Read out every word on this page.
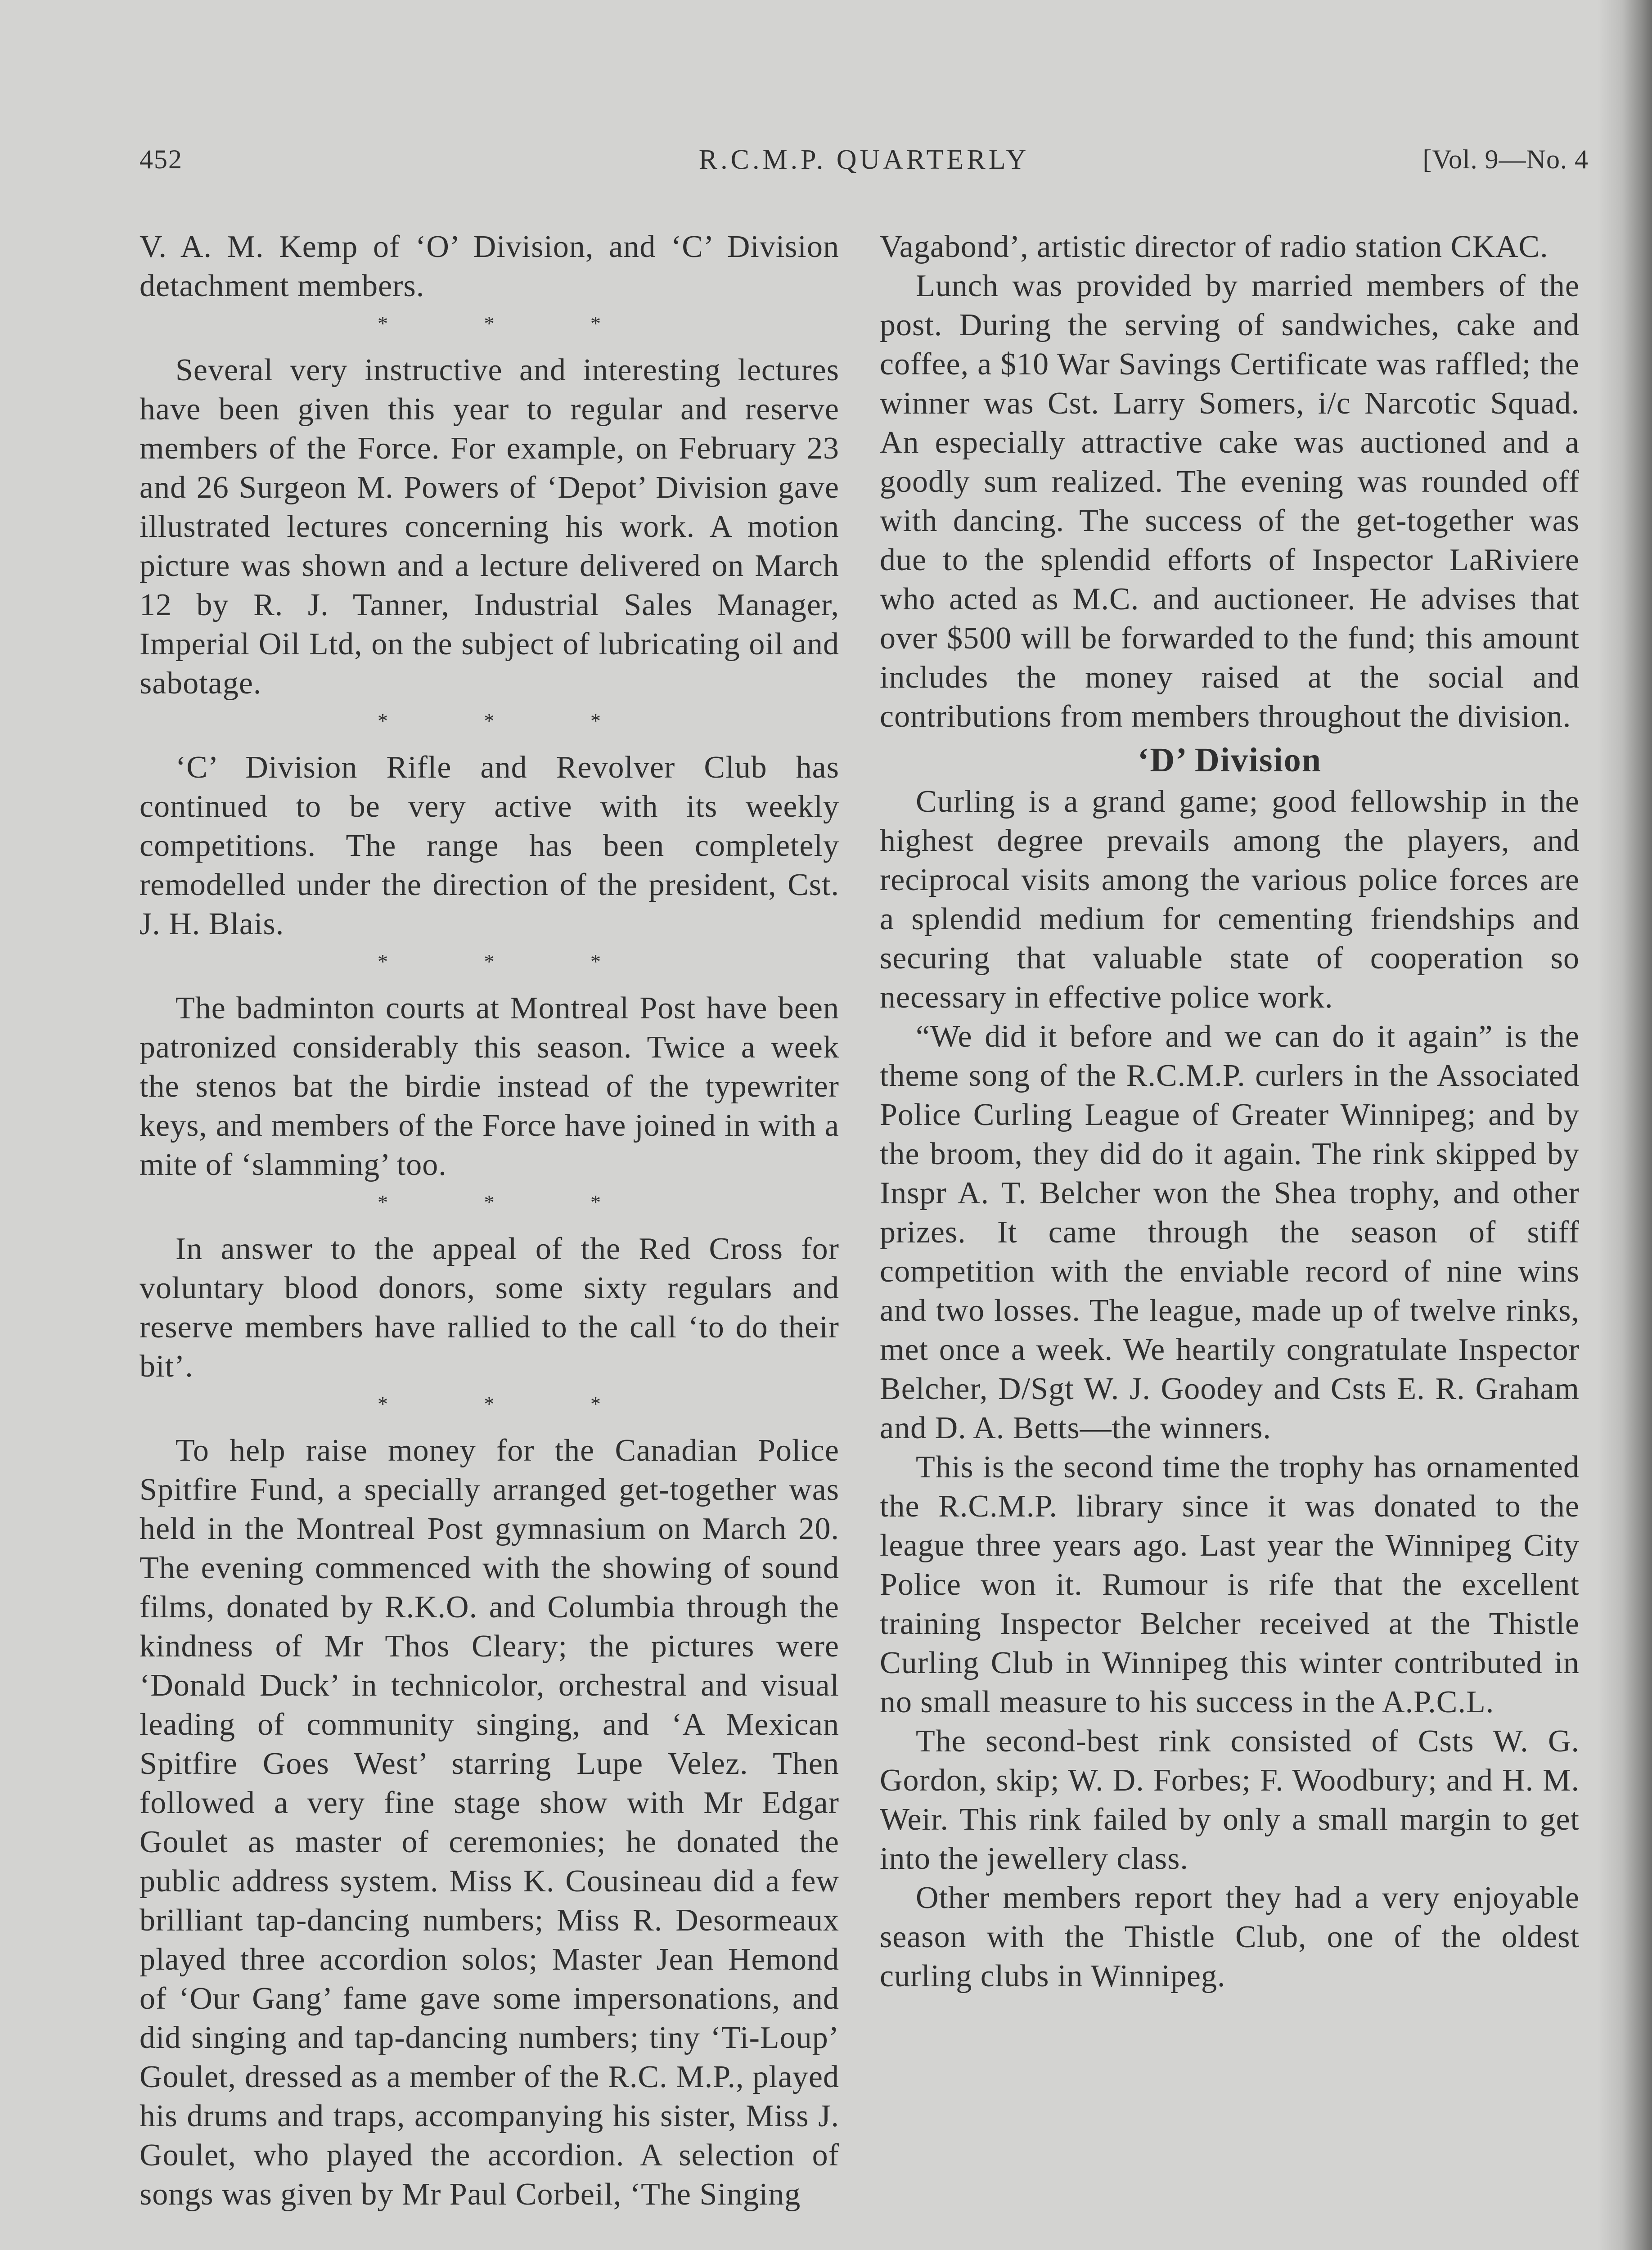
452	R.C.M.P. QUARTERLY	[Vol. 9—No. 4

V. A. M. Kemp of ‘O’ Division, and ‘C’ Division detachment members.

* * *

Several very instructive and interesting lectures have been given this year to regular and reserve members of the Force. For example, on February 23 and 26 Surgeon M. Powers of ‘Depot’ Division gave illustrated lectures concerning his work. A motion picture was shown and a lecture delivered on March 12 by R. J. Tanner, Industrial Sales Manager, Imperial Oil Ltd, on the subject of lubricating oil and sabotage.

* * *

‘C’ Division Rifle and Revolver Club has continued to be very active with its weekly competitions. The range has been completely remodelled under the direction of the president, Cst. J. H. Blais.

* * *

The badminton courts at Montreal Post have been patronized considerably this season. Twice a week the stenos bat the birdie instead of the typewriter keys, and members of the Force have joined in with a mite of ‘slamming’ too.

* * *

In answer to the appeal of the Red Cross for voluntary blood donors, some sixty regulars and reserve members have rallied to the call ‘to do their bit’.

* * *

To help raise money for the Canadian Police Spitfire Fund, a specially arranged get-together was held in the Montreal Post gymnasium on March 20. The evening commenced with the showing of sound films, donated by R.K.O. and Columbia through the kindness of Mr Thos Cleary; the pictures were ‘Donald Duck’ in technicolor, orchestral and visual leading of community singing, and ‘A Mexican Spitfire Goes West’ starring Lupe Velez. Then followed a very fine stage show with Mr Edgar Goulet as master of ceremonies; he donated the public address system. Miss K. Cousineau did a few brilliant tap-dancing numbers; Miss R. Desormeaux played three accordion solos; Master Jean Hemond of ‘Our Gang’ fame gave some impersonations, and did singing and tap-dancing numbers; tiny ‘Ti-Loup’ Goulet, dressed as a member of the R.C. M.P., played his drums and traps, accompanying his sister, Miss J. Goulet, who played the accordion. A selection of songs was given by Mr Paul Corbeil, ‘The Singing

Vagabond’, artistic director of radio station CKAC.

Lunch was provided by married members of the post. During the serving of sandwiches, cake and coffee, a $10 War Savings Certificate was raffled; the winner was Cst. Larry Somers, i/c Narcotic Squad. An especially attractive cake was auctioned and a goodly sum realized. The evening was rounded off with dancing. The success of the get-together was due to the splendid efforts of Inspector LaRiviere who acted as M.C. and auctioneer. He advises that over $500 will be forwarded to the fund; this amount includes the money raised at the social and contributions from members throughout the division.

‘D’ Division

Curling is a grand game; good fellowship in the highest degree prevails among the players, and reciprocal visits among the various police forces are a splendid medium for cementing friendships and securing that valuable state of cooperation so necessary in effective police work.

“We did it before and we can do it again” is the theme song of the R.C.M.P. curlers in the Associated Police Curling League of Greater Winnipeg; and by the broom, they did do it again. The rink skipped by Inspr A. T. Belcher won the Shea trophy, and other prizes. It came through the season of stiff competition with the enviable record of nine wins and two losses. The league, made up of twelve rinks, met once a week. We heartily congratulate Inspector Belcher, D/Sgt W. J. Goodey and Csts E. R. Graham and D. A. Betts—the winners.

This is the second time the trophy has ornamented the R.C.M.P. library since it was donated to the league three years ago. Last year the Winnipeg City Police won it. Rumour is rife that the excellent training Inspector Belcher received at the Thistle Curling Club in Winnipeg this winter contributed in no small measure to his success in the A.P.C.L.

The second-best rink consisted of Csts W. G. Gordon, skip; W. D. Forbes; F. Woodbury; and H. M. Weir. This rink failed by only a small margin to get into the jewellery class.

Other members report they had a very enjoyable season with the Thistle Club, one of the oldest curling clubs in Winnipeg.
